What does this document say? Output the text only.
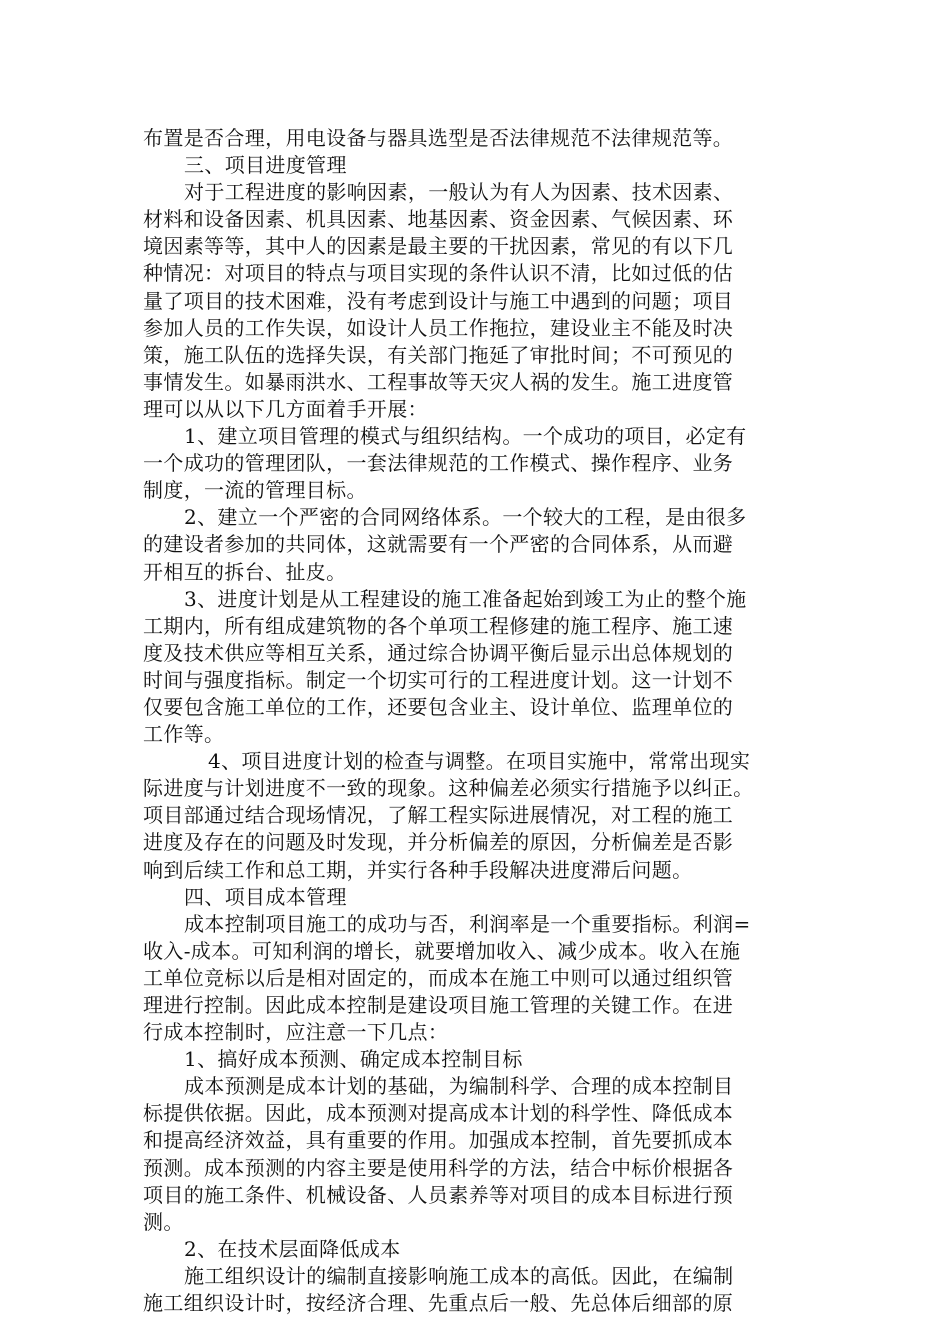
布置是否合理，用电设备与器具选型是否法律规范不法律规范等。
三、项目进度管理
对于工程进度的影响因素，一般认为有人为因素、技术因素、
材料和设备因素、机具因素、地基因素、资金因素、气候因素、环
境因素等等，其中人的因素是最主要的干扰因素，常见的有以下几
种情况：对项目的特点与项目实现的条件认识不清，比如过低的估
量了项目的技术困难，没有考虑到设计与施工中遇到的问题；项目
参加人员的工作失误，如设计人员工作拖拉，建设业主不能及时决
策，施工队伍的选择失误，有关部门拖延了审批时间；不可预见的
事情发生。如暴雨洪水、工程事故等天灾人祸的发生。施工进度管
理可以从以下几方面着手开展：
1、建立项目管理的模式与组织结构。一个成功的项目，必定有
一个成功的管理团队，一套法律规范的工作模式、操作程序、业务
制度，一流的管理目标。
2、建立一个严密的合同网络体系。一个较大的工程，是由很多
的建设者参加的共同体，这就需要有一个严密的合同体系，从而避
开相互的拆台、扯皮。
3、进度计划是从工程建设的施工准备起始到竣工为止的整个施
工期内，所有组成建筑物的各个单项工程修建的施工程序、施工速
度及技术供应等相互关系，通过综合协调平衡后显示出总体规划的
时间与强度指标。制定一个切实可行的工程进度计划。这一计划不
仅要包含施工单位的工作，还要包含业主、设计单位、监理单位的
工作等。
4、项目进度计划的检查与调整。在项目实施中，常常出现实
际进度与计划进度不一致的现象。这种偏差必须实行措施予以纠正。
项目部通过结合现场情况，了解工程实际进展情况，对工程的施工
进度及存在的问题及时发现，并分析偏差的原因，分析偏差是否影
响到后续工作和总工期，并实行各种手段解决进度滞后问题。
四、项目成本管理
成本控制项目施工的成功与否，利润率是一个重要指标。利润=
收入-成本。可知利润的增长，就要增加收入、减少成本。收入在施
工单位竞标以后是相对固定的，而成本在施工中则可以通过组织管
理进行控制。因此成本控制是建设项目施工管理的关键工作。在进
行成本控制时，应注意一下几点：
1、搞好成本预测、确定成本控制目标
成本预测是成本计划的基础，为编制科学、合理的成本控制目
标提供依据。因此，成本预测对提高成本计划的科学性、降低成本
和提高经济效益，具有重要的作用。加强成本控制，首先要抓成本
预测。成本预测的内容主要是使用科学的方法，结合中标价根据各
项目的施工条件、机械设备、人员素养等对项目的成本目标进行预
测。
2、在技术层面降低成本
施工组织设计的编制直接影响施工成本的高低。因此，在编制
施工组织设计时，按经济合理、先重点后一般、先总体后细部的原
